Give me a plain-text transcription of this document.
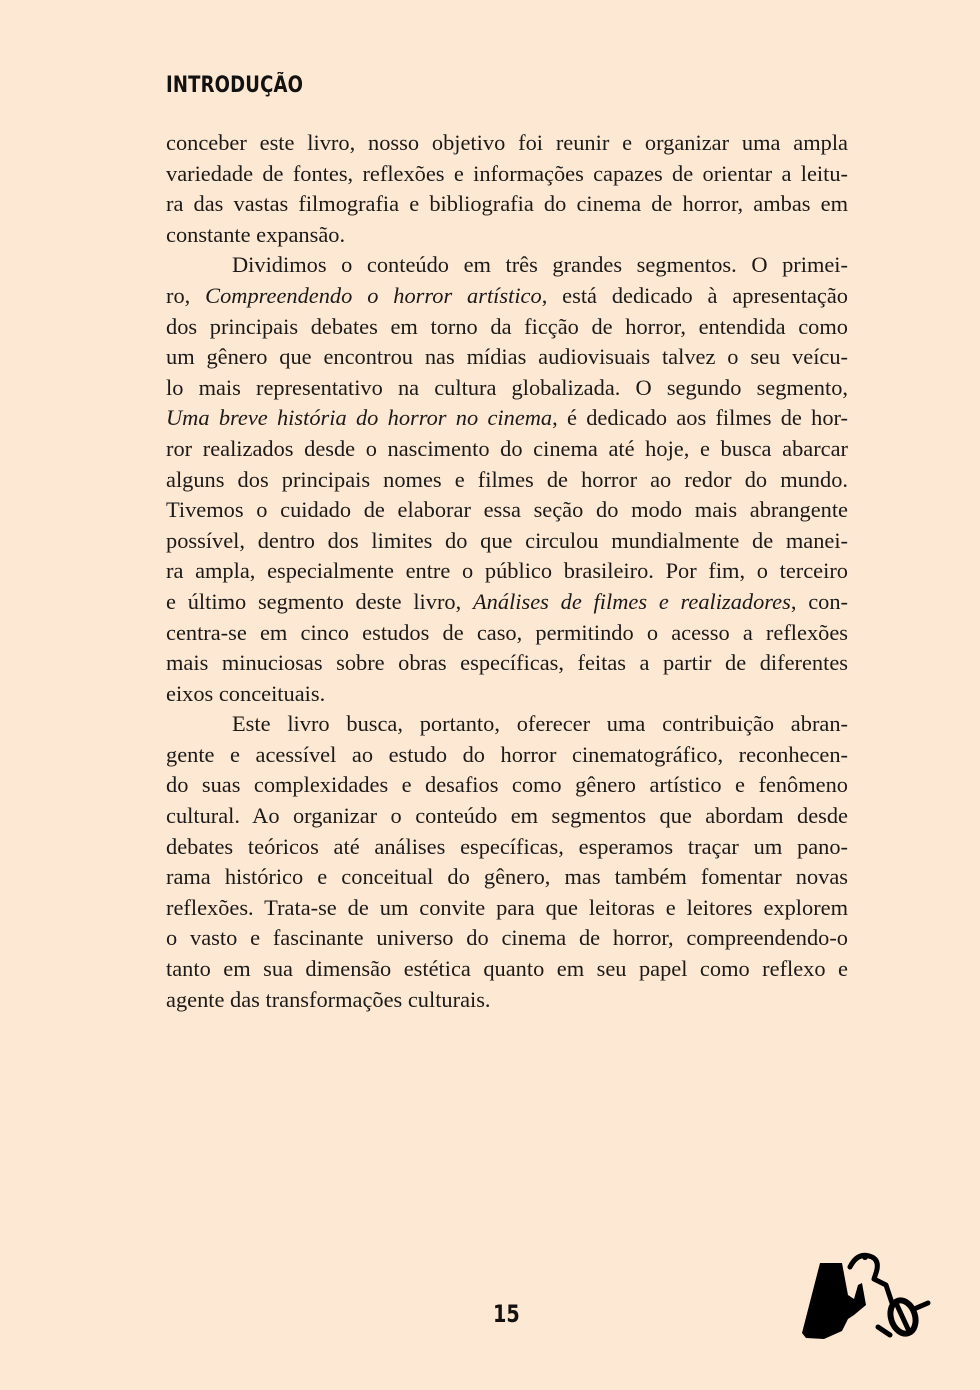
INTRODUÇÃO
conceber este livro, nosso objetivo foi reunir e organizar uma ampla
variedade de fontes, reflexões e informações capazes de orientar a leitu-
ra das vastas filmografia e bibliografia do cinema de horror, ambas em
constante expansão.
Dividimos o conteúdo em três grandes segmentos. O primei-
ro, Compreendendo o horror artístico, está dedicado à apresentação
dos principais debates em torno da ficção de horror, entendida como
um gênero que encontrou nas mídias audiovisuais talvez o seu veícu-
lo mais representativo na cultura globalizada. O segundo segmento,
Uma breve história do horror no cinema, é dedicado aos filmes de hor-
ror realizados desde o nascimento do cinema até hoje, e busca abarcar
alguns dos principais nomes e filmes de horror ao redor do mundo.
Tivemos o cuidado de elaborar essa seção do modo mais abrangente
possível, dentro dos limites do que circulou mundialmente de manei-
ra ampla, especialmente entre o público brasileiro. Por fim, o terceiro
e último segmento deste livro, Análises de filmes e realizadores, con-
centra-se em cinco estudos de caso, permitindo o acesso a reflexões
mais minuciosas sobre obras específicas, feitas a partir de diferentes
eixos conceituais.
Este livro busca, portanto, oferecer uma contribuição abran-
gente e acessível ao estudo do horror cinematográfico, reconhecen-
do suas complexidades e desafios como gênero artístico e fenômeno
cultural. Ao organizar o conteúdo em segmentos que abordam desde
debates teóricos até análises específicas, esperamos traçar um pano-
rama histórico e conceitual do gênero, mas também fomentar novas
reflexões. Trata-se de um convite para que leitoras e leitores explorem
o vasto e fascinante universo do cinema de horror, compreendendo-o
tanto em sua dimensão estética quanto em seu papel como reflexo e
agente das transformações culturais.
15
